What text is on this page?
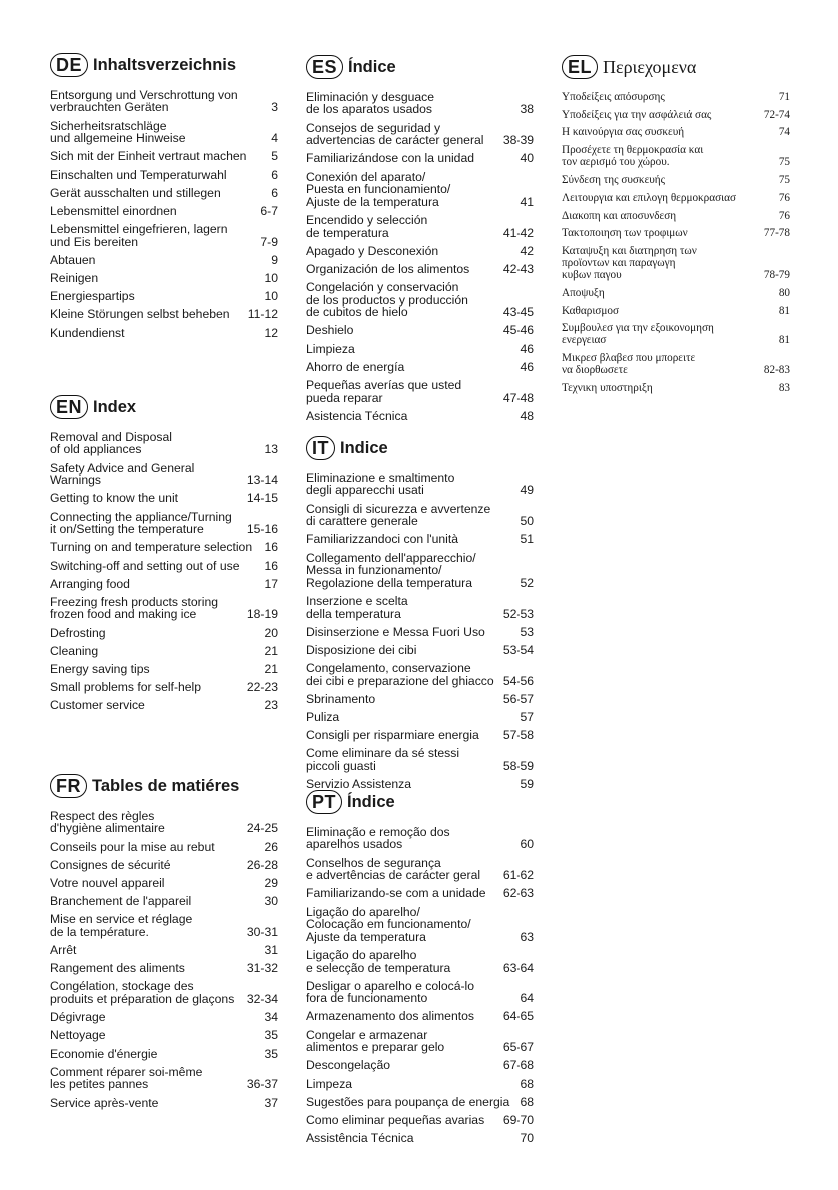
DE Inhaltsverzeichnis
Entsorgung und Verschrottung von
verbrauchten Geräten	3
Sicherheitsratschläge
und allgemeine Hinweise	4
Sich mit der Einheit vertraut machen	5
Einschalten und Temperaturwahl	6
Gerät ausschalten und stillegen	6
Lebensmittel einordnen	6-7
Lebensmittel eingefrieren, lagern
und Eis bereiten	7-9
Abtauen	9
Reinigen	10
Energiespartips	10
Kleine Störungen selbst beheben	11-12
Kundendienst	12
EN Index
Removal and Disposal
of old appliances	13
Safety Advice and General Warnings	13-14
Getting to know the unit	14-15
Connecting the appliance/Turning
it on/Setting the temperature	15-16
Turning on and temperature selection	16
Switching-off and setting out of use	16
Arranging food	17
Freezing fresh products storing
frozen food and making ice	18-19
Defrosting	20
Cleaning	21
Energy saving tips	21
Small problems for self-help	22-23
Customer service	23
FR Tables de matiéres
Respect des règles
d'hygiène alimentaire	24-25
Conseils pour la mise au rebut	26
Consignes de sécurité	26-28
Votre nouvel appareil	29
Branchement de l'appareil	30
Mise en service et réglage
de la température.	30-31
Arrêt	31
Rangement des aliments	31-32
Congélation, stockage des
produits et préparation de glaçons	32-34
Dégivrage	34
Nettoyage	35
Economie d'énergie	35
Comment réparer soi-même
les petites pannes	36-37
Service après-vente	37
ES Índice
Eliminación y desguace
de los aparatos usados	38
Consejos de seguridad y
advertencias de carácter general	38-39
Familiarizándose con la unidad	40
Conexión del aparato/
Puesta en funcionamiento/
Ajuste de la temperatura	41
Encendido y selección
de temperatura	41-42
Apagado y Desconexión	42
Organización de los alimentos	42-43
Congelación y conservación
de los productos y producción
de cubitos de hielo	43-45
Deshielo	45-46
Limpieza	46
Ahorro de energía	46
Pequeñas averías que usted
pueda reparar	47-48
Asistencia Técnica	48
IT Indice
Eliminazione e smaltimento
degli apparecchi usati	49
Consigli di sicurezza e avvertenze
di carattere generale	50
Familiarizzandoci con l'unità	51
Collegamento dell'apparecchio/
Messa in funzionamento/
Regolazione della temperatura	52
Inserzione e scelta
della temperatura	52-53
Disinserzione e Messa Fuori Uso	53
Disposizione dei cibi	53-54
Congelamento, conservazione
dei cibi e preparazione del ghiacco 54-56
Sbrinamento	56-57
Puliza	57
Consigli per risparmiare energia	57-58
Come eliminare da sé stessi
piccoli guasti	58-59
Servizio Assistenza	59
PT Índice
Eliminação e remoção dos
aparelhos usados	60
Conselhos de segurança
e advertências de carácter geral	61-62
Familiarizando-se com a unidade	62-63
Ligação do aparelho/
Colocação em funcionamento/
Ajuste da temperatura	63
Ligação do aparelho
e selecção de temperatura	63-64
Desligar o aparelho e colocá-lo
fora de funcionamento	64
Armazenamento dos alimentos	64-65
Congelar e armazenar
alimentos e preparar gelo	65-67
Descongelação	67-68
Limpeza	68
Sugestões para poupança de energia 68
Como eliminar pequeñas avarias	69-70
Assistência Técnica	70
EL Περιεχομενα
Υποδείξεις απόσυρσης	71
Υποδείξεις για την ασφάλειά σας	72-74
Η καινούργια σας συσκευή	74
Προσέχετε τη θερμοκρασία και
τον αερισμό του χώρου.	75
Σύνδεση της συσκευής	75
Λειτουργια και επιλογη θερμοκρασιασ	76
Διακοπη και αποσυνδεση	76
Τακτοποιηση των τροφιμων	77-78
Καταψυξη και διατηρηση των
προϊοντων και παραγωγη
κυβων παγου	78-79
Αποψυξη	80
Καθαρισμοσ	81
Συμβουλεσ για την εξοικονομηση
ενεργειασ	81
Μικρεσ βλαβεσ που μπορειτε
να διορθωσετε	82-83
Τεχνικη υποστηριξη	83
